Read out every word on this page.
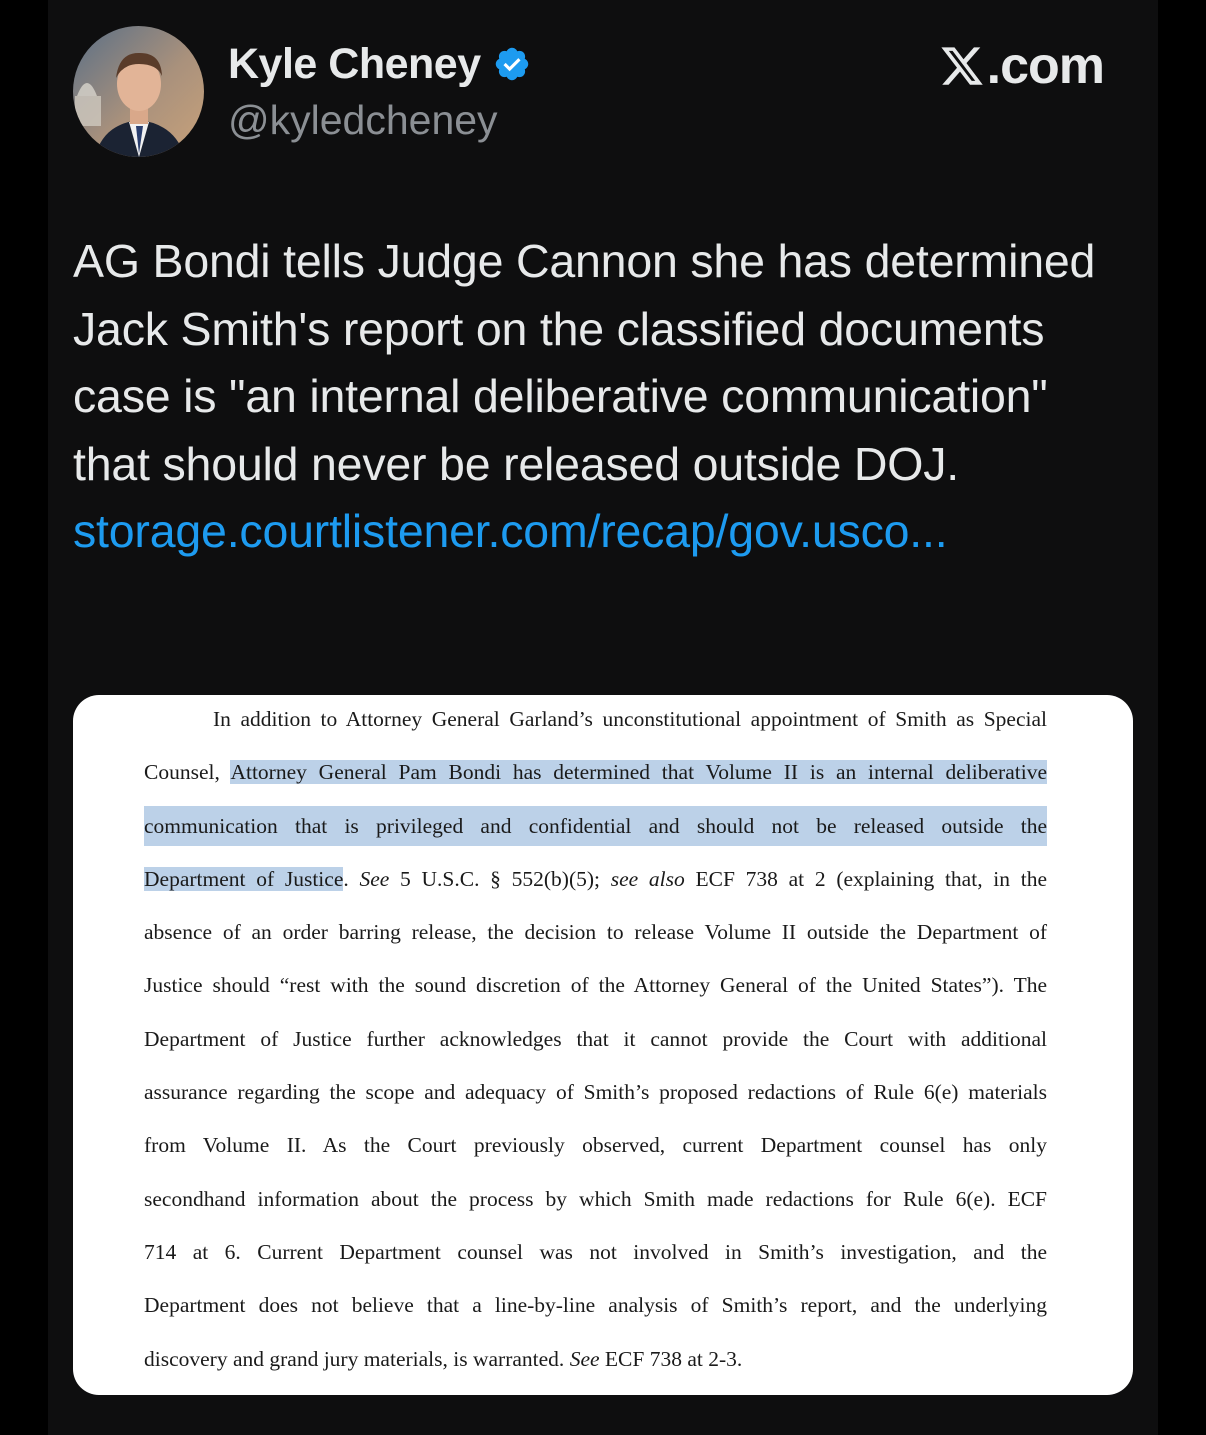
Kyle Cheney
@kyledcheney
.com
AG Bondi tells Judge Cannon she has determined Jack Smith's report on the classified documents case is "an internal deliberative communication" that should never be released outside DOJ.
storage.courtlistener.com/recap/gov.usco...
In addition to Attorney General Garland’s unconstitutional appointment of Smith as Special
Counsel, Attorney General Pam Bondi has determined that Volume II is an internal deliberative
communication that is privileged and confidential and should not be released outside the
Department of Justice. See 5 U.S.C. § 552(b)(5); see also ECF 738 at 2 (explaining that, in the
absence of an order barring release, the decision to release Volume II outside the Department of
Justice should “rest with the sound discretion of the Attorney General of the United States”). The
Department of Justice further acknowledges that it cannot provide the Court with additional
assurance regarding the scope and adequacy of Smith’s proposed redactions of Rule 6(e) materials
from Volume II. As the Court previously observed, current Department counsel has only
secondhand information about the process by which Smith made redactions for Rule 6(e). ECF
714 at 6. Current Department counsel was not involved in Smith’s investigation, and the
Department does not believe that a line-by-line analysis of Smith’s report, and the underlying
discovery and grand jury materials, is warranted. See ECF 738 at 2-3.
